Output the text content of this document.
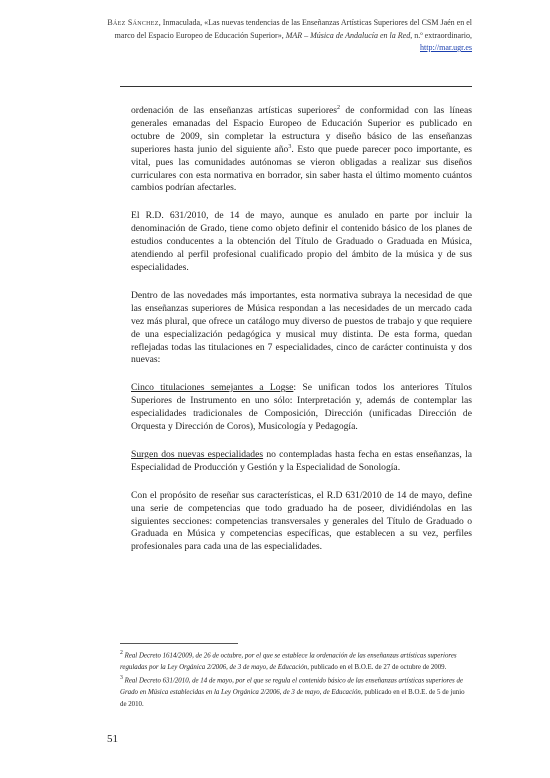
Báez Sánchez, Inmaculada, «Las nuevas tendencias de las Enseñanzas Artísticas Superiores del CSM Jaén en el marco del Espacio Europeo de Educación Superior», MAR – Música de Andalucía en la Red, n.º extraordinario, http://mar.ugr.es

ordenación de las enseñanzas artísticas superiores$^2$ de conformidad con las líneas generales emanadas del Espacio Europeo de Educación Superior es publicado en octubre de 2009, sin completar la estructura y diseño básico de las enseñanzas superiores hasta junio del siguiente año$^3$. Esto que puede parecer poco importante, es vital, pues las comunidades autónomas se vieron obligadas a realizar sus diseños curriculares con esta normativa en borrador, sin saber hasta el último momento cuántos cambios podrían afectarles.

El R.D. 631/2010, de 14 de mayo, aunque es anulado en parte por incluir la denominación de Grado, tiene como objeto definir el contenido básico de los planes de estudios conducentes a la obtención del Título de Graduado o Graduada en Música, atendiendo al perfil profesional cualificado propio del ámbito de la música y de sus especialidades.

Dentro de las novedades más importantes, esta normativa subraya la necesidad de que las enseñanzas superiores de Música respondan a las necesidades de un mercado cada vez más plural, que ofrece un catálogo muy diverso de puestos de trabajo y que requiere de una especialización pedagógica y musical muy distinta. De esta forma, quedan reflejadas todas las titulaciones en 7 especialidades, cinco de carácter continuista y dos nuevas:

Cinco titulaciones semejantes a Logse: Se unifican todos los anteriores Títulos Superiores de Instrumento en uno sólo: Interpretación y, además de contemplar las especialidades tradicionales de Composición, Dirección (unificadas Dirección de Orquesta y Dirección de Coros), Musicología y Pedagogía.

Surgen dos nuevas especialidades no contempladas hasta fecha en estas enseñanzas, la Especialidad de Producción y Gestión y la Especialidad de Sonología.

Con el propósito de reseñar sus características, el R.D 631/2010 de 14 de mayo, define una serie de competencias que todo graduado ha de poseer, dividiéndolas en las siguientes secciones: competencias transversales y generales del Título de Graduado o Graduada en Música y competencias específicas, que establecen a su vez, perfiles profesionales para cada una de las especialidades.

$^2$ Real Decreto 1614/2009, de 26 de octubre, por el que se establece la ordenación de las enseñanzas artísticas superiores reguladas por la Ley Orgánica 2/2006, de 3 de mayo, de Educación, publicado en el B.O.E. de 27 de octubre de 2009.

$^3$ Real Decreto 631/2010, de 14 de mayo, por el que se regula el contenido básico de las enseñanzas artísticas superiores de Grado en Música establecidas en la Ley Orgánica 2/2006, de 3 de mayo, de Educación, publicado en el B.O.E. de 5 de junio de 2010.

51
